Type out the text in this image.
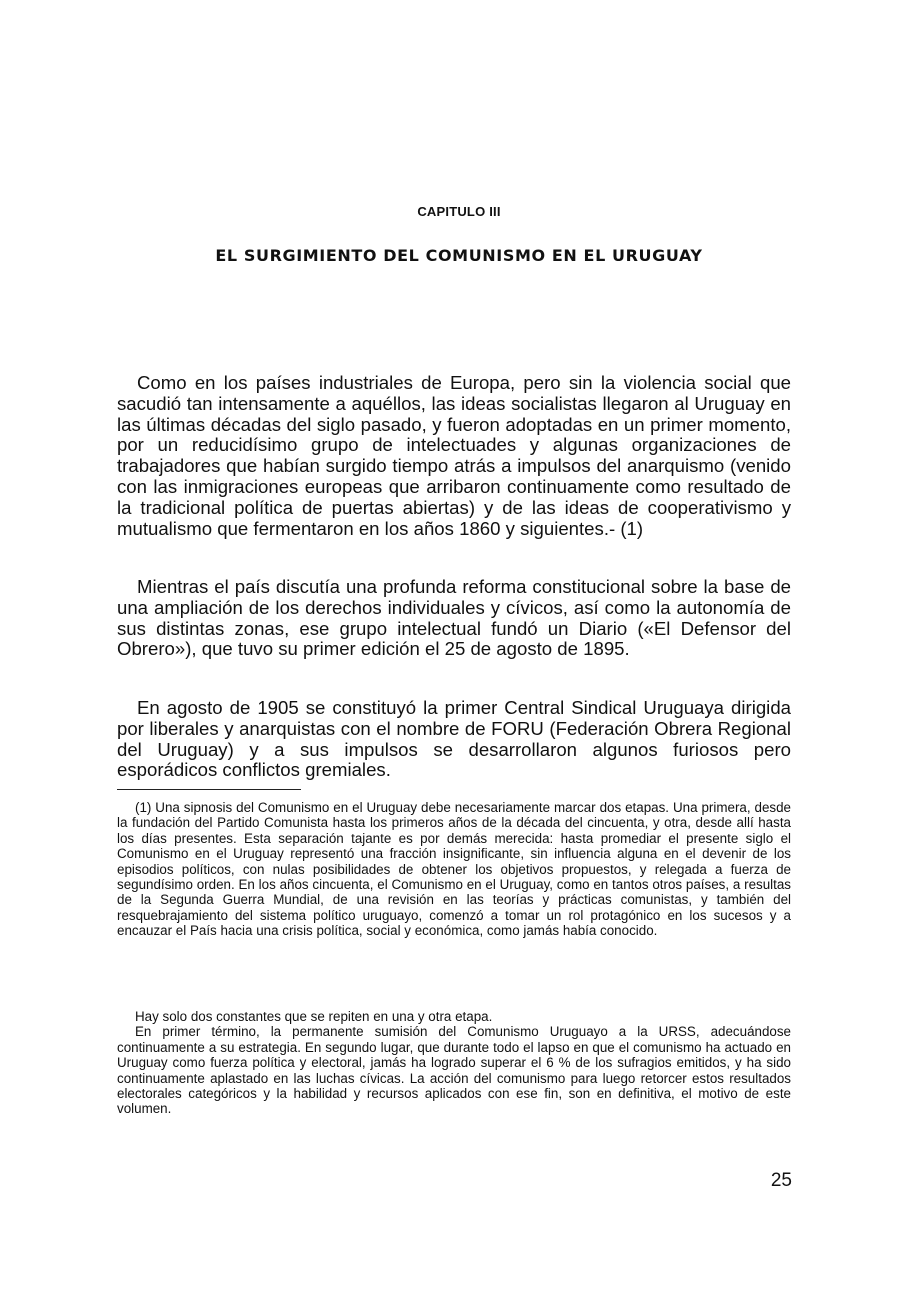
CAPITULO III
EL SURGIMIENTO DEL COMUNISMO EN EL URUGUAY

Como en los países industriales de Europa, pero sin la violencia social que sacudió tan intensamente a aquéllos, las ideas socialistas llegaron al Uruguay en las últimas décadas del siglo pasado, y fueron adoptadas en un primer momento, por un reducidísimo grupo de intelectuades y algunas organizaciones de trabajadores que habían surgido tiempo atrás a impulsos del anarquismo (venido con las inmigraciones europeas que arribaron continuamente como resultado de la tradicional política de puertas abiertas) y de las ideas de cooperativismo y mutualismo que fermentaron en los años 1860 y siguientes.- (1)

Mientras el país discutía una profunda reforma constitucional sobre la base de una ampliación de los derechos individuales y cívicos, así como la autonomía de sus distintas zonas, ese grupo intelectual fundó un Diario («El Defensor del Obrero»), que tuvo su primer edición el 25 de agosto de 1895.

En agosto de 1905 se constituyó la primer Central Sindical Uruguaya dirigida por liberales y anarquistas con el nombre de FORU (Federación Obrera Regional del Uruguay) y a sus impulsos se desarrollaron algunos furiosos pero esporádicos conflictos gremiales.

(1) Una sipnosis del Comunismo en el Uruguay debe necesariamente marcar dos etapas. Una primera, desde la fundación del Partido Comunista hasta los primeros años de la década del cincuenta, y otra, desde allí hasta los días presentes. Esta separación tajante es por demás merecida: hasta promediar el presente siglo el Comunismo en el Uruguay representó una fracción insignificante, sin influencia alguna en el devenir de los episodios políticos, con nulas posibilidades de obtener los objetivos propuestos, y relegada a fuerza de segundísimo orden. En los años cincuenta, el Comunismo en el Uruguay, como en tantos otros países, a resultas de la Segunda Guerra Mundial, de una revisión en las teorías y prácticas comunistas, y también del resquebrajamiento del sistema político uruguayo, comenzó a tomar un rol protagónico en los sucesos y a encauzar el País hacia una crisis política, social y económica, como jamás había conocido.

Hay solo dos constantes que se repiten en una y otra etapa.

En primer término, la permanente sumisión del Comunismo Uruguayo a la URSS, adecuándose continuamente a su estrategia. En segundo lugar, que durante todo el lapso en que el comunismo ha actuado en Uruguay como fuerza política y electoral, jamás ha logrado superar el 6 % de los sufragios emitidos, y ha sido continuamente aplastado en las luchas cívicas. La acción del comunismo para luego retorcer estos resultados electorales categóricos y la habilidad y recursos aplicados con ese fin, son en definitiva, el motivo de este volumen.

25
